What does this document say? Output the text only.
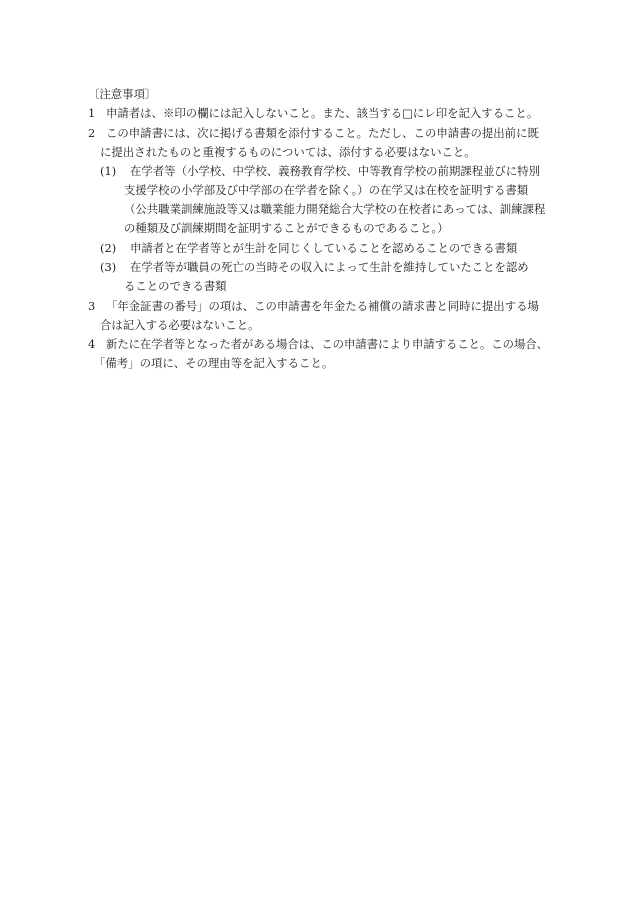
〔注意事項〕

1 申請者は、※印の欄には記入しないこと。また、該当する□にレ印を記入すること。

2 この申請書には、次に掲げる書類を添付すること。ただし、この申請書の提出前に既

に提出されたものと重複するものについては、添付する必要はないこと。

(1) 在学者等（小学校、中学校、義務教育学校、中等教育学校の前期課程並びに特別

支援学校の小学部及び中学部の在学者を除く。）の在学又は在校を証明する書類

（公共職業訓練施設等又は職業能力開発総合大学校の在校者にあっては、訓練課程

の種類及び訓練期間を証明することができるものであること。）

(2) 申請者と在学者等とが生計を同じくしていることを認めることのできる書類

(3) 在学者等が職員の死亡の当時その収入によって生計を維持していたことを認め

ることのできる書類

3 「年金証書の番号」の項は、この申請書を年金たる補償の請求書と同時に提出する場

合は記入する必要はないこと。

4 新たに在学者等となった者がある場合は、この申請書により申請すること。この場合、

「備考」の項に、その理由等を記入すること。
